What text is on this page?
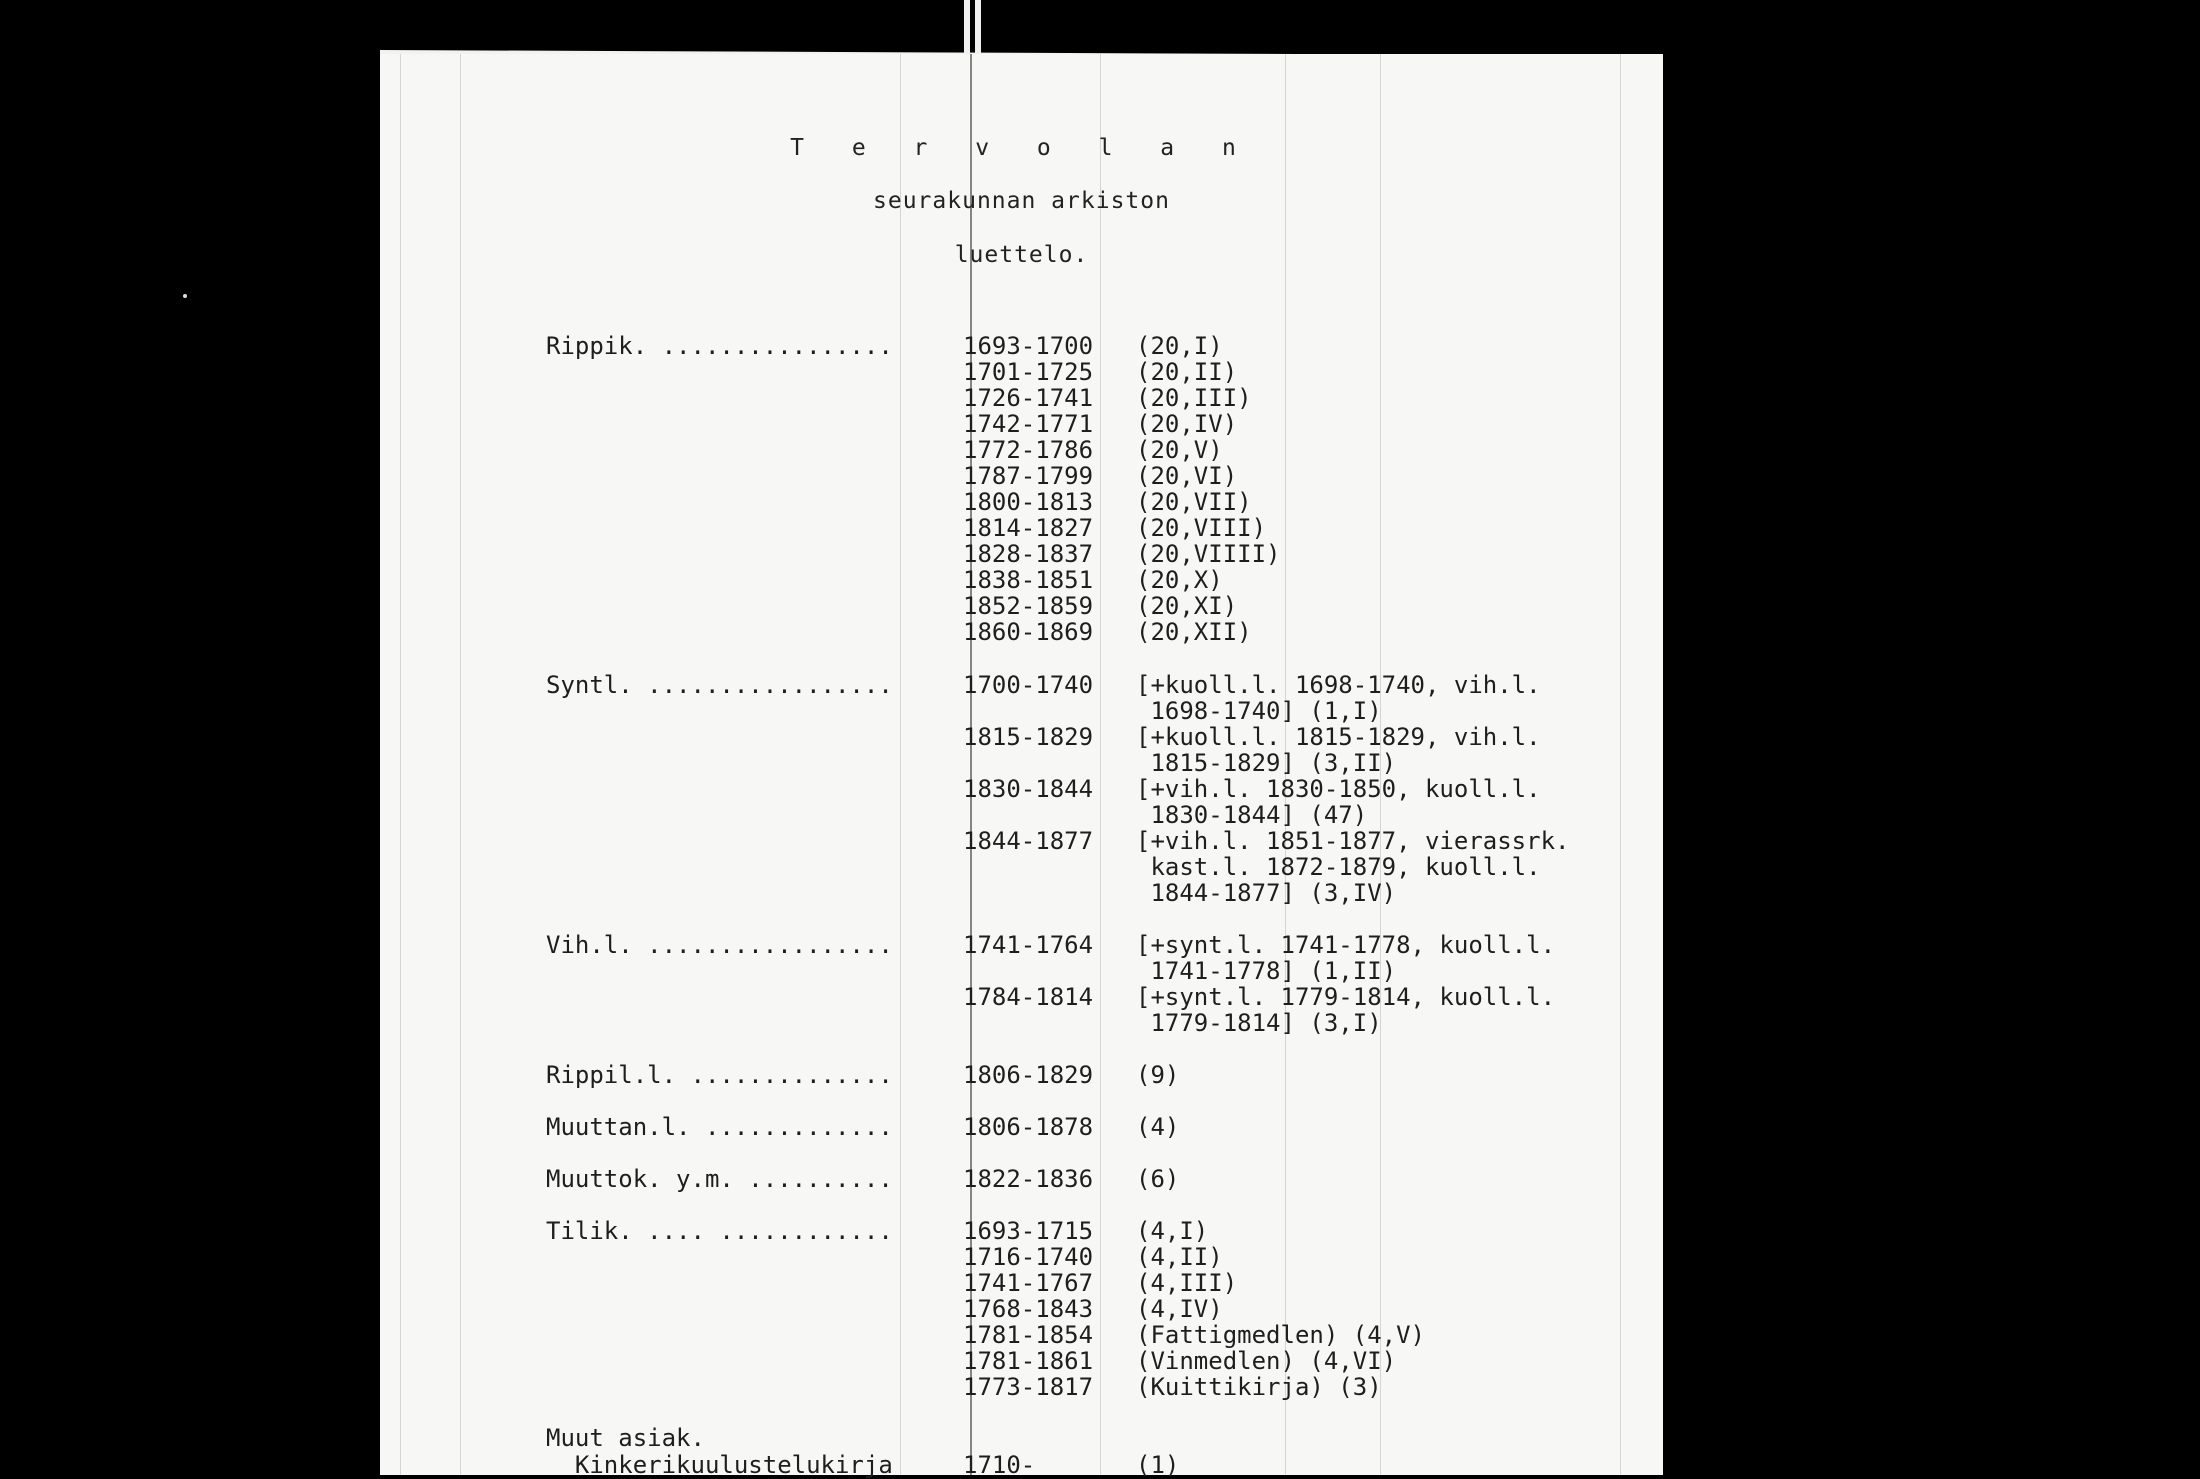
T e r v o l a n
seurakunnan arkiston
luettelo.
Rippik. ................	1693-1700 (20,I)
1701-1725 (20,II)
1726-1741 (20,III)
1742-1771 (20,IV)
1772-1786 (20,V)
1787-1799 (20,VI)
1800-1813 (20,VII)
1814-1827 (20,VIII)
1828-1837 (20,VIIII)
1838-1851 (20,X)
1852-1859 (20,XI)
1860-1869 (20,XII)
Syntl. .................	1700-1740 [+kuoll.l. 1698-1740, vih.l.
1698-1740] (1,I)
1815-1829 [+kuoll.l. 1815-1829, vih.l.
1815-1829] (3,II)
1830-1844 [+vih.l. 1830-1850, kuoll.l.
1830-1844] (47)
1844-1877 [+vih.l. 1851-1877, vierassrk.
kast.l. 1872-1879, kuoll.l.
1844-1877] (3,IV)
Vih.l. .................	1741-1764 [+synt.l. 1741-1778, kuoll.l.
1741-1778] (1,II)
1784-1814 [+synt.l. 1779-1814, kuoll.l.
1779-1814] (3,I)
Rippil.l. ..............	1806-1829 (9)
Muuttan.l. .............	1806-1878 (4)
Muuttok. y.m. ..........	1822-1836 (6)
Tilik. .... ............	1693-1715 (4,I)
1716-1740 (4,II)
1741-1767 (4,III)
1768-1843 (4,IV)
1781-1854 (Fattigmedlen) (4,V)
1781-1861 (Vinmedlen) (4,VI)
1773-1817 (Kuittikirja) (3)
Muut asiak.
Kinkerikuulustelukirja	1710-	(1)
